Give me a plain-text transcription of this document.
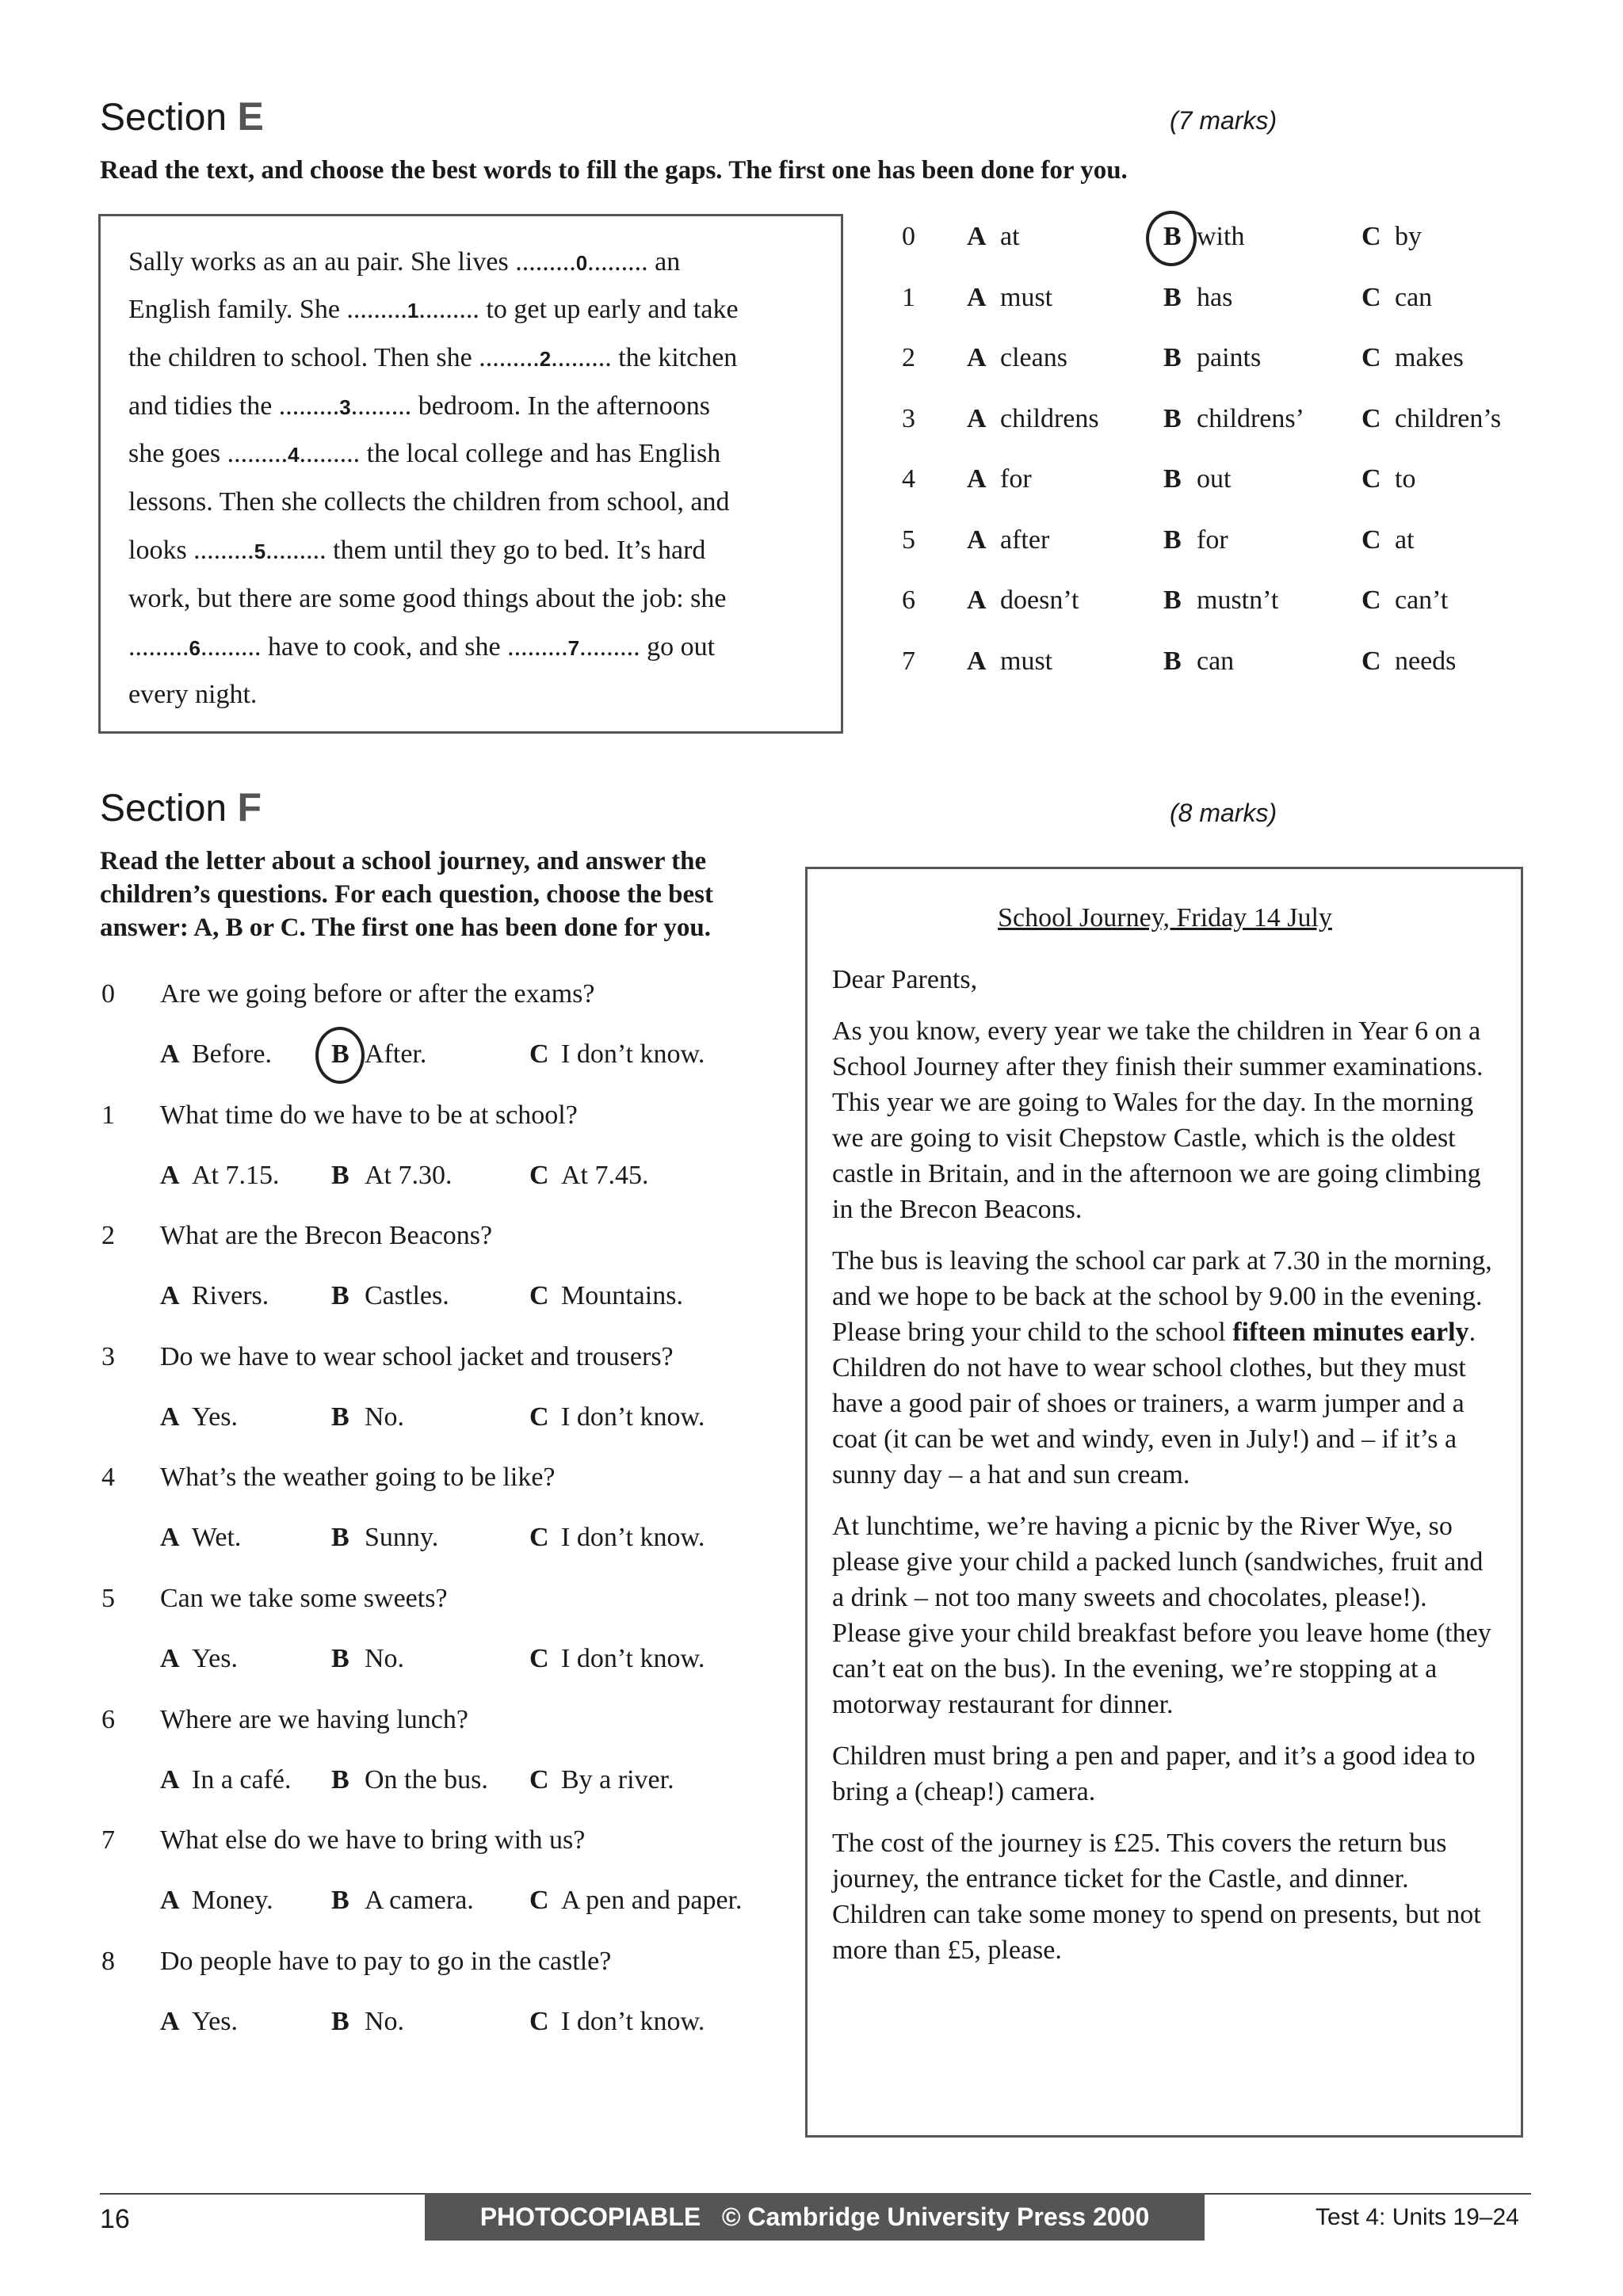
Section E	(7 marks)
Read the text, and choose the best words to fill the gaps. The first one has been done for you.
Sally works as an au pair. She lives .........0......... an
English family. She .........1......... to get up early and take
the children to school. Then she .........2......... the kitchen
and tidies the .........3......... bedroom. In the afternoons
she goes .........4......... the local college and has English
lessons. Then she collects the children from school, and
looks .........5......... them until they go to bed. It’s hard
work, but there are some good things about the job: she
.........6......... have to cook, and she .........7......... go out
every night.
0 A at	B with	C by
1 A must	B has	C can
2 A cleans	B paints	C makes
3 A childrens B childrens’ C children’s
4 A for	B out	C to
5 A after	B for	C at
6 A doesn’t	B mustn’t	C can’t
7 A must	B can	C needs
Section F	(8 marks)
Read the letter about a school journey, and answer the
children’s questions. For each question, choose the best
answer: A, B or C. The first one has been done for you.
0 Are we going before or after the exams?
A Before. B After.	C I don’t know.
1 What time do we have to be at school?
A At 7.15. B At 7.30.	C At 7.45.
2 What are the Brecon Beacons?
A Rivers. B Castles.	C Mountains.
3 Do we have to wear school jacket and trousers?
A Yes.	B No.	C I don’t know.
4 What’s the weather going to be like?
A Wet.	B Sunny.	C I don’t know.
5 Can we take some sweets?
A Yes.	B No.	C I don’t know.
6 Where are we having lunch?
A In a café. B On the bus. C By a river.
7 What else do we have to bring with us?
A Money. B A camera. C A pen and paper.
8 Do people have to pay to go in the castle?
A Yes.	B No.	C I don’t know.
School Journey, Friday 14 July

Dear Parents,

As you know, every year we take the children in Year 6 on a School Journey after they finish their summer examinations. This year we are going to Wales for the day. In the morning we are going to visit Chepstow Castle, which is the oldest castle in Britain, and in the afternoon we are going climbing in the Brecon Beacons.

The bus is leaving the school car park at 7.30 in the morning, and we hope to be back at the school by 9.00 in the evening. Please bring your child to the school fifteen minutes early. Children do not have to wear school clothes, but they must have a good pair of shoes or trainers, a warm jumper and a coat (it can be wet and windy, even in July!) and – if it’s a sunny day – a hat and sun cream.

At lunchtime, we’re having a picnic by the River Wye, so please give your child a packed lunch (sandwiches, fruit and a drink – not too many sweets and chocolates, please!). Please give your child breakfast before you leave home (they can’t eat on the bus). In the evening, we’re stopping at a motorway restaurant for dinner.

Children must bring a pen and paper, and it’s a good idea to bring a (cheap!) camera.

The cost of the journey is £25. This covers the return bus journey, the entrance ticket for the Castle, and dinner. Children can take some money to spend on presents, but not more than £5, please.

16	PHOTOCOPIABLE   © Cambridge University Press 2000	Test 4: Units 19–24
